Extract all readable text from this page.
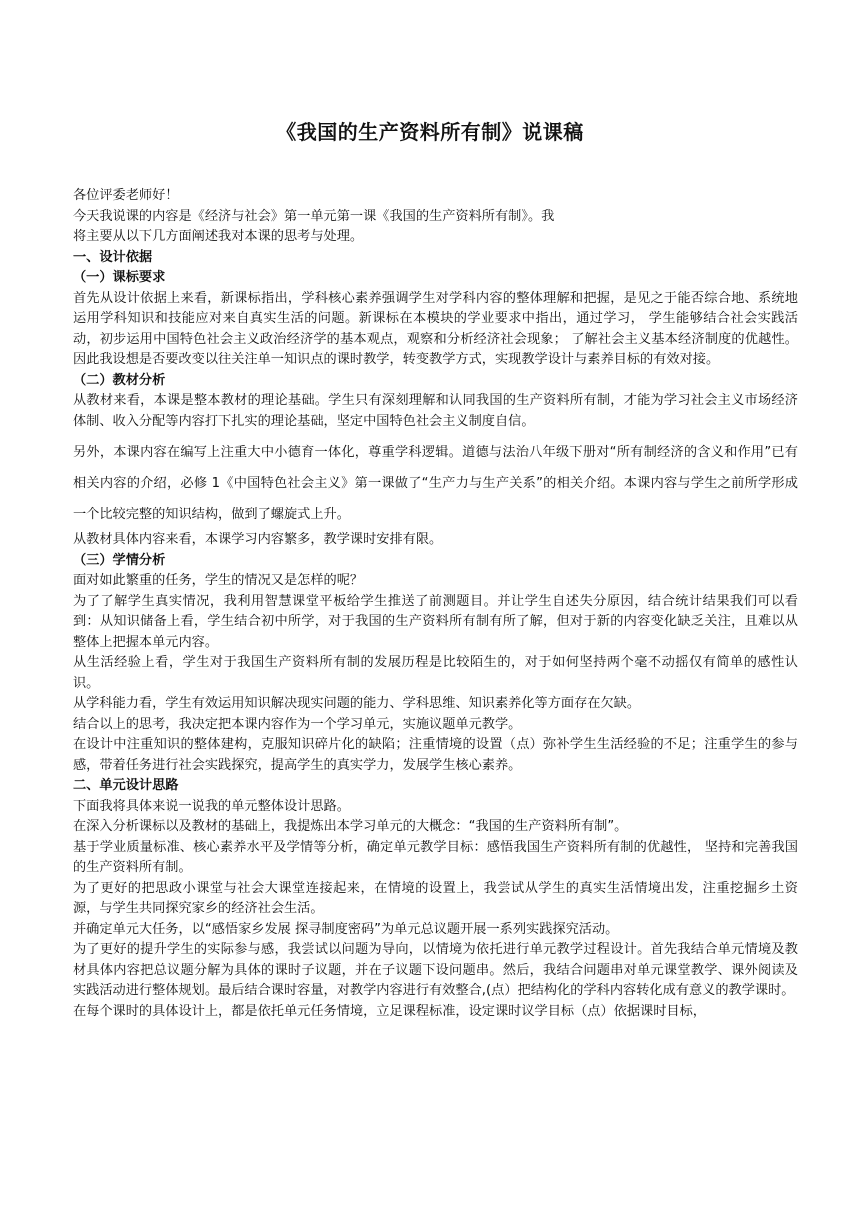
《我国的生产资料所有制》说课稿

各位评委老师好！

今天我说课的内容是《经济与社会》第一单元第一课《我国的生产资料所有制》。我

将主要从以下几方面阐述我对本课的思考与处理。

一、设计依据

（一）课标要求

首先从设计依据上来看，新课标指出，学科核心素养强调学生对学科内容的整体理解和把握，是见之于能否综合地、系统地运用学科知识和技能应对来自真实生活的问题。新课标在本模块的学业要求中指出，通过学习， 学生能够结合社会实践活动，初步运用中国特色社会主义政治经济学的基本观点，观察和分析经济社会现象； 了解社会主义基本经济制度的优越性。因此我设想是否要改变以往关注单一知识点的课时教学，转变教学方式，实现教学设计与素养目标的有效对接。

（二）教材分析

从教材来看，本课是整本教材的理论基础。学生只有深刻理解和认同我国的生产资料所有制，才能为学习社会主义市场经济体制、收入分配等内容打下扎实的理论基础，坚定中国特色社会主义制度自信。

另外，本课内容在编写上注重大中小德育一体化，尊重学科逻辑。道德与法治八年级下册对“所有制经济的含义和作用”已有相关内容的介绍，必修 1《中国特色社会主义》第一课做了“生产力与生产关系”的相关介绍。本课内容与学生之前所学形成一个比较完整的知识结构，做到了螺旋式上升。

从教材具体内容来看，本课学习内容繁多，教学课时安排有限。

（三）学情分析

面对如此繁重的任务，学生的情况又是怎样的呢？

为了了解学生真实情况，我利用智慧课堂平板给学生推送了前测题目。并让学生自述失分原因，结合统计结果我们可以看到：从知识储备上看，学生结合初中所学，对于我国的生产资料所有制有所了解，但对于新的内容变化缺乏关注，且难以从整体上把握本单元内容。

从生活经验上看，学生对于我国生产资料所有制的发展历程是比较陌生的，对于如何坚持两个毫不动摇仅有简单的感性认识。

从学科能力看，学生有效运用知识解决现实问题的能力、学科思维、知识素养化等方面存在欠缺。

结合以上的思考，我决定把本课内容作为一个学习单元，实施议题单元教学。

在设计中注重知识的整体建构，克服知识碎片化的缺陷；注重情境的设置（点）弥补学生生活经验的不足；注重学生的参与感，带着任务进行社会实践探究，提高学生的真实学力，发展学生核心素养。

二、单元设计思路

下面我将具体来说一说我的单元整体设计思路。

在深入分析课标以及教材的基础上，我提炼出本学习单元的大概念：“我国的生产资料所有制”。

基于学业质量标准、核心素养水平及学情等分析，确定单元教学目标：感悟我国生产资料所有制的优越性， 坚持和完善我国的生产资料所有制。

为了更好的把思政小课堂与社会大课堂连接起来，在情境的设置上，我尝试从学生的真实生活情境出发，注重挖掘乡土资源，与学生共同探究家乡的经济社会生活。

并确定单元大任务，以“感悟家乡发展 探寻制度密码”为单元总议题开展一系列实践探究活动。

为了更好的提升学生的实际参与感，我尝试以问题为导向，以情境为依托进行单元教学过程设计。首先我结合单元情境及教材具体内容把总议题分解为具体的课时子议题，并在子议题下设问题串。然后，我结合问题串对单元课堂教学、课外阅读及实践活动进行整体规划。最后结合课时容量，对教学内容进行有效整合,(点）把结构化的学科内容转化成有意义的教学课时。

在每个课时的具体设计上，都是依托单元任务情境，立足课程标准，设定课时议学目标（点）依据课时目标，
